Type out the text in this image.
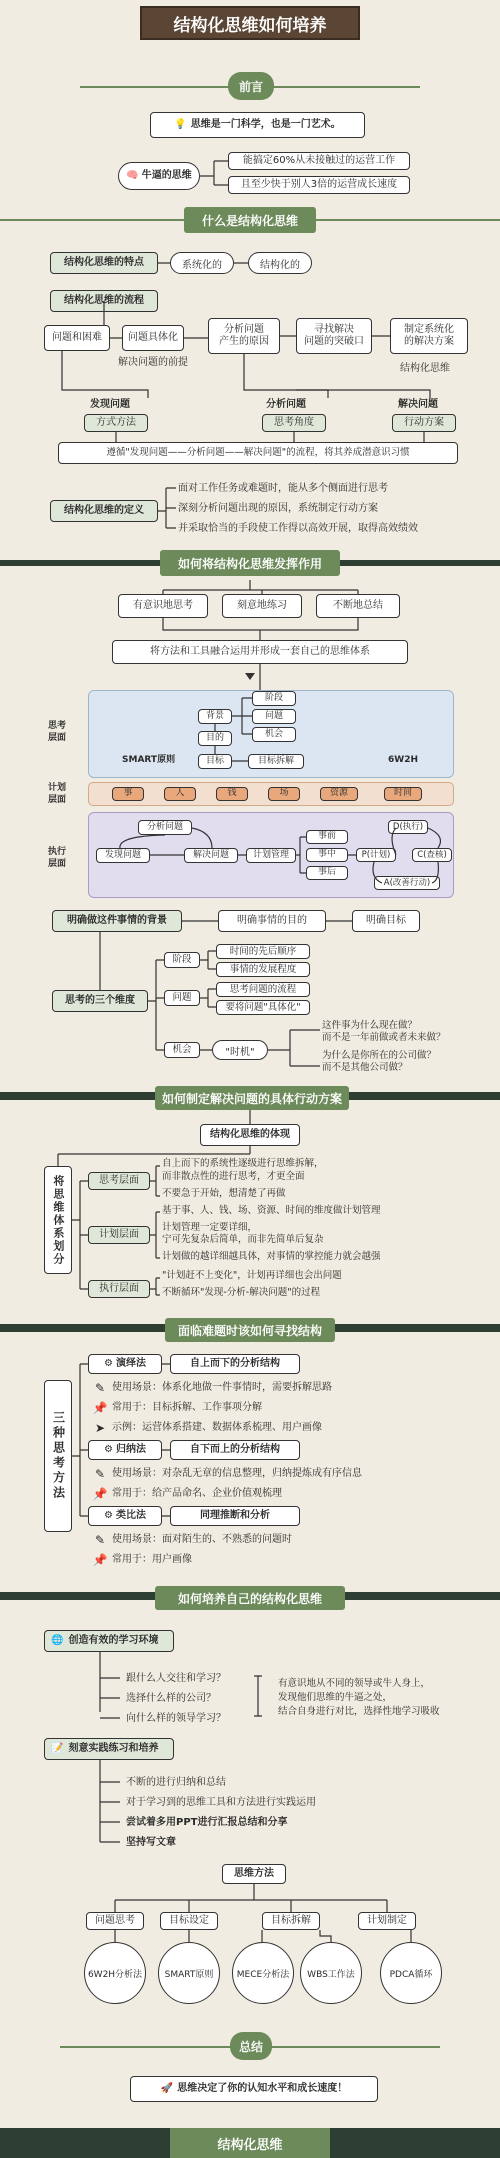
结构化思维如何培养
前言
💡 思维是一门科学，也是一门艺术。
🧠 牛逼的思维
能搞定60%从未接触过的运营工作
且至少快于别人3倍的运营成长速度
什么是结构化思维
结构化思维的特点	系统化的	结构化的
结构化思维的流程
问题和困难	问题具体化
分析问题
产生的原因
寻找解决
问题的突破口
制定系统化
的解决方案
解决问题的前提
结构化思维
发现问题
方式方法
分析问题
思考角度
解决问题
行动方案
遵循"发现问题——分析问题——解决问题"的流程，将其养成潜意识习惯
结构化思维的定义
面对工作任务或难题时，能从多个侧面进行思考
深刻分析问题出现的原因，系统制定行动方案
并采取恰当的手段使工作得以高效开展，取得高效绩效
如何将结构化思维发挥作用
有意识地思考	刻意地练习	不断地总结
将方法和工具融合运用并形成一套自己的思维体系
思考
层面
阶段
问题
机会
背景
目的
目标	目标拆解
SMART原则	6W2H
计划
层面
事	人	钱	场	资源	时间
执行
层面
分析问题
发现问题	解决问题	计划管理
事前
事中
事后
D(执行)
P(计划)	C(查核)
A(改善行动)
明确做这件事情的背景	明确事情的目的	明确目标
思考的三个维度
阶段
问题
机会
时间的先后顺序
事情的发展程度
思考问题的流程
要将问题"具体化"
"时机"
这件事为什么现在做？
而不是一年前做或者未来做？
为什么是你所在的公司做？
而不是其他公司做？
如何制定解决问题的具体行动方案
结构化思维的体现
将思维体系划分	思考层面
自上而下的系统性逐级进行思维拆解，
而非散点性的进行思考，才更全面
不要急于开始，想清楚了再做
计划层面
基于事、人、钱、场、资源、时间的维度做计划管理
计划管理一定要详细，
宁可先复杂后简单，而非先简单后复杂
计划做的越详细越具体，对事情的掌控能力就会越强
执行层面
"计划赶不上变化"，计划再详细也会出问题
不断循环"发现-分析-解决问题"的过程
面临难题时该如何寻找结构
三种思考方法
⚙ 演绎法	自上而下的分析结构
✎ 使用场景：体系化地做一件事情时，需要拆解思路
📌 常用于：目标拆解、工作事项分解
➤ 示例：运营体系搭建、数据体系梳理、用户画像
⚙ 归纳法	自下而上的分析结构
✎ 使用场景：对杂乱无章的信息整理，归纳提炼成有序信息
📌 常用于：给产品命名、企业价值观梳理
⚙ 类比法	同理推断和分析
✎ 使用场景：面对陌生的、不熟悉的问题时
📌 常用于：用户画像
如何培养自己的结构化思维
🌐 创造有效的学习环境
跟什么人交往和学习？
选择什么样的公司？
向什么样的领导学习？
有意识地从不同的领导或牛人身上，
发现他们思维的牛逼之处，
结合自身进行对比，选择性地学习吸收
📝 刻意实践练习和培养
不断的进行归纳和总结
对于学习到的思维工具和方法进行实践运用
尝试着多用PPT进行汇报总结和分享
坚持写文章
思维方法
问题思考	目标设定	目标拆解	计划制定
6W2H分析法	SMART原则	MECE分析法	WBS工作法	PDCA循环
总结
🚀 思维决定了你的认知水平和成长速度！
结构化思维
